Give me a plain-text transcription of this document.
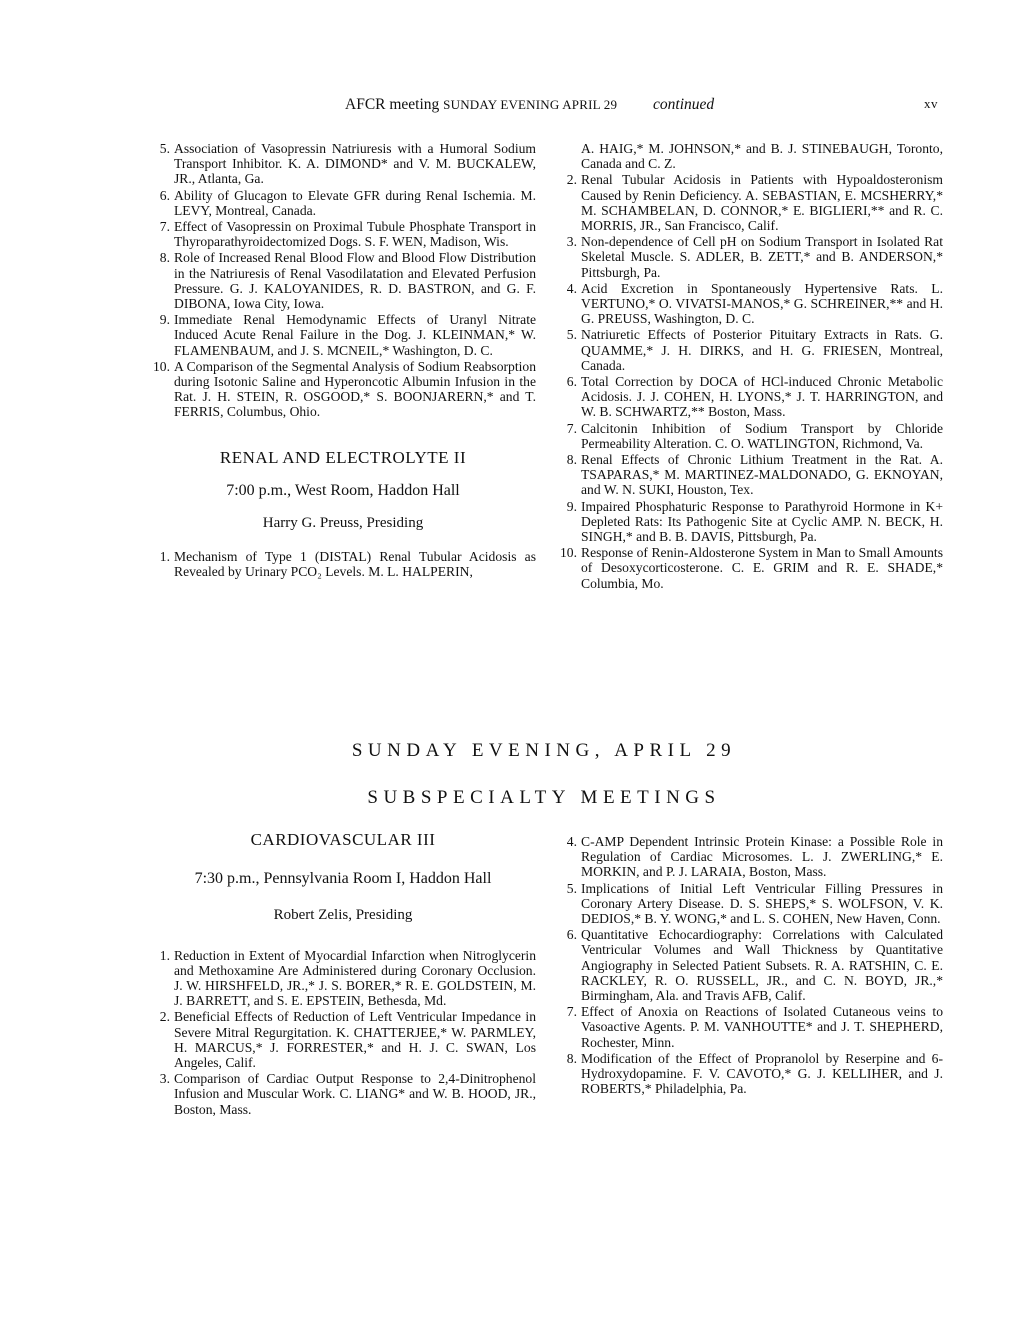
AFCR meeting SUNDAY EVENING APRIL 29 continued	xv
5. Association of Vasopressin Natriuresis with a Humoral Sodium Transport Inhibitor. K. A. DIMOND* and V. M. BUCKALEW, JR., Atlanta, Ga.
6. Ability of Glucagon to Elevate GFR during Renal Ischemia. M. LEVY, Montreal, Canada.
7. Effect of Vasopressin on Proximal Tubule Phosphate Transport in Thyroparathyroidectomized Dogs. S. F. WEN, Madison, Wis.
8. Role of Increased Renal Blood Flow and Blood Flow Distribution in the Natriuresis of Renal Vasodilatation and Elevated Perfusion Pressure. G. J. KALOYANIDES, R. D. BASTRON, and G. F. DIBONA, Iowa City, Iowa.
9. Immediate Renal Hemodynamic Effects of Uranyl Nitrate Induced Acute Renal Failure in the Dog. J. KLEINMAN,* W. FLAMENBAUM, and J. S. MCNEIL,* Washington, D. C.
10. A Comparison of the Segmental Analysis of Sodium Reabsorption during Isotonic Saline and Hyperoncotic Albumin Infusion in the Rat. J. H. STEIN, R. OSGOOD,* S. BOONJARERN,* and T. FERRIS, Columbus, Ohio.
RENAL AND ELECTROLYTE II
7:00 p.m., West Room, Haddon Hall
Harry G. Preuss, Presiding
1. Mechanism of Type 1 (DISTAL) Renal Tubular Acidosis as Revealed by Urinary PCO₂ Levels. M. L. HALPERIN,
A. HAIG,* M. JOHNSON,* and B. J. STINEBAUGH, Toronto, Canada and C. Z.
2. Renal Tubular Acidosis in Patients with Hypoaldosteronism Caused by Renin Deficiency. A. SEBASTIAN, E. MCSHERRY,* M. SCHAMBELAN, D. CONNOR,* E. BIGLIERI,** and R. C. MORRIS, JR., San Francisco, Calif.
3. Non-dependence of Cell pH on Sodium Transport in Isolated Rat Skeletal Muscle. S. ADLER, B. ZETT,* and B. ANDERSON,* Pittsburgh, Pa.
4. Acid Excretion in Spontaneously Hypertensive Rats. L. VERTUNO,* O. VIVATSI-MANOS,* G. SCHREINER,** and H. G. PREUSS, Washington, D. C.
5. Natriuretic Effects of Posterior Pituitary Extracts in Rats. G. QUAMME,* J. H. DIRKS, and H. G. FRIESEN, Montreal, Canada.
6. Total Correction by DOCA of HCl-induced Chronic Metabolic Acidosis. J. J. COHEN, H. LYONS,* J. T. HARRINGTON, and W. B. SCHWARTZ,** Boston, Mass.
7. Calcitonin Inhibition of Sodium Transport by Chloride Permeability Alteration. C. O. WATLINGTON, Richmond, Va.
8. Renal Effects of Chronic Lithium Treatment in the Rat. A. TSAPARAS,* M. MARTINEZ-MALDONADO, G. EKNOYAN, and W. N. SUKI, Houston, Tex.
9. Impaired Phosphaturic Response to Parathyroid Hormone in K+ Depleted Rats: Its Pathogenic Site at Cyclic AMP. N. BECK, H. SINGH,* and B. B. DAVIS, Pittsburgh, Pa.
10. Response of Renin-Aldosterone System in Man to Small Amounts of Desoxycorticosterone. C. E. GRIM and R. E. SHADE,* Columbia, Mo.
SUNDAY EVENING, APRIL 29
SUBSPECIALTY MEETINGS
CARDIOVASCULAR III
7:30 p.m., Pennsylvania Room I, Haddon Hall
Robert Zelis, Presiding
1. Reduction in Extent of Myocardial Infarction when Nitroglycerin and Methoxamine Are Administered during Coronary Occlusion. J. W. HIRSHFELD, JR.,* J. S. BORER,* R. E. GOLDSTEIN, M. J. BARRETT, and S. E. EPSTEIN, Bethesda, Md.
2. Beneficial Effects of Reduction of Left Ventricular Impedance in Severe Mitral Regurgitation. K. CHATTERJEE,* W. PARMLEY, H. MARCUS,* J. FORRESTER,* and H. J. C. SWAN, Los Angeles, Calif.
3. Comparison of Cardiac Output Response to 2,4-Dinitrophenol Infusion and Muscular Work. C. LIANG* and W. B. HOOD, JR., Boston, Mass.
4. C-AMP Dependent Intrinsic Protein Kinase: a Possible Role in Regulation of Cardiac Microsomes. L. J. ZWERLING,* E. MORKIN, and P. J. LARAIA, Boston, Mass.
5. Implications of Initial Left Ventricular Filling Pressures in Coronary Artery Disease. D. S. SHEPS,* S. WOLFSON, V. K. DEDIOS,* B. Y. WONG,* and L. S. COHEN, New Haven, Conn.
6. Quantitative Echocardiography: Correlations with Calculated Ventricular Volumes and Wall Thickness by Quantitative Angiography in Selected Patient Subsets. R. A. RATSHIN, C. E. RACKLEY, R. O. RUSSELL, JR., and C. N. BOYD, JR.,* Birmingham, Ala. and Travis AFB, Calif.
7. Effect of Anoxia on Reactions of Isolated Cutaneous veins to Vasoactive Agents. P. M. VANHOUTTE* and J. T. SHEPHERD, Rochester, Minn.
8. Modification of the Effect of Propranolol by Reserpine and 6-Hydroxydopamine. F. V. CAVOTO,* G. J. KELLIHER, and J. ROBERTS,* Philadelphia, Pa.
